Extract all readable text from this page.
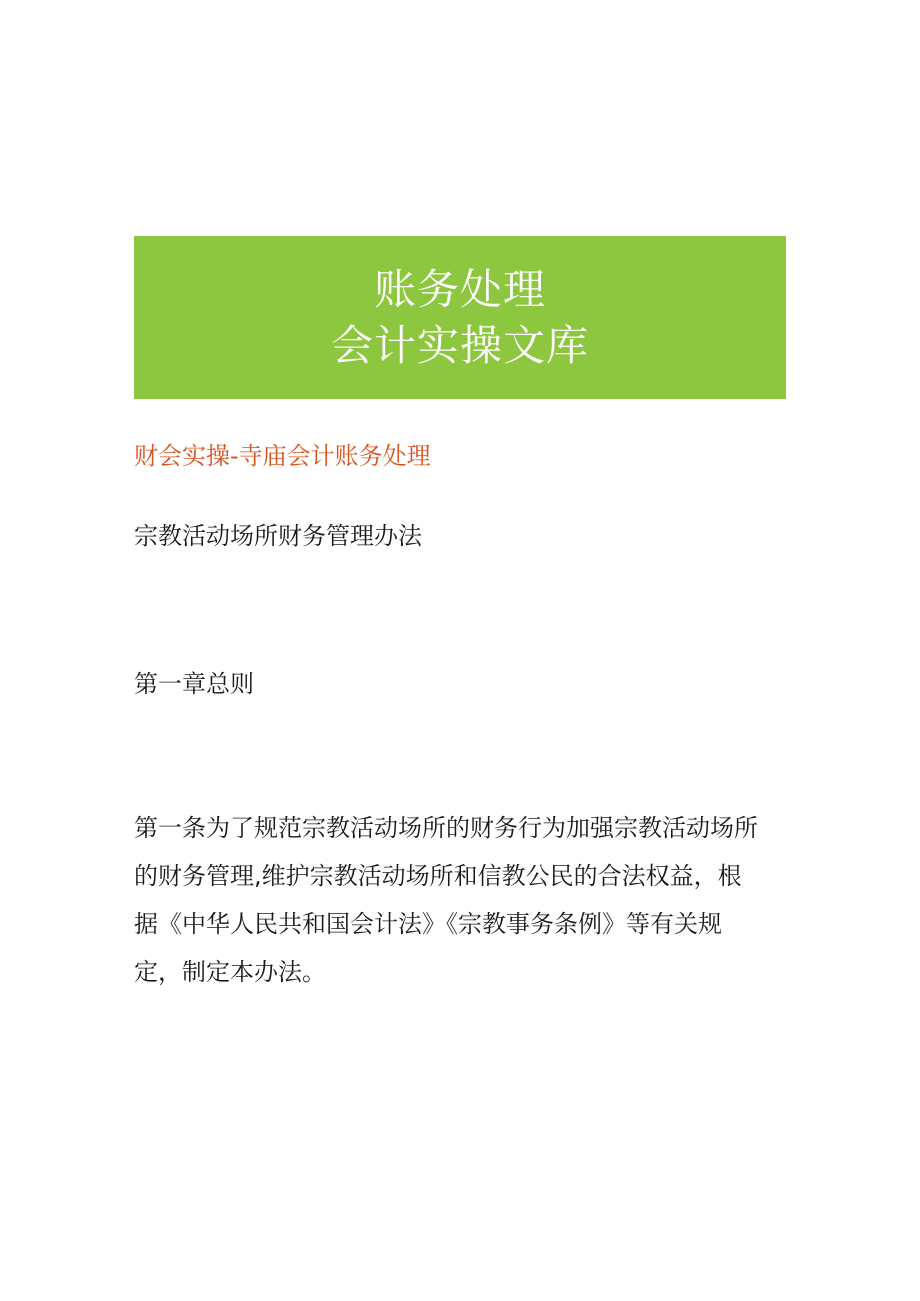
账务处理
会计实操文库
财会实操-寺庙会计账务处理
宗教活动场所财务管理办法
第一章总则

第一条为了规范宗教活动场所的财务行为加强宗教活动场所
的财务管理,维护宗教活动场所和信教公民的合法权益，根
据《中华人民共和国会计法》《宗教事务条例》等有关规
定，制定本办法。
